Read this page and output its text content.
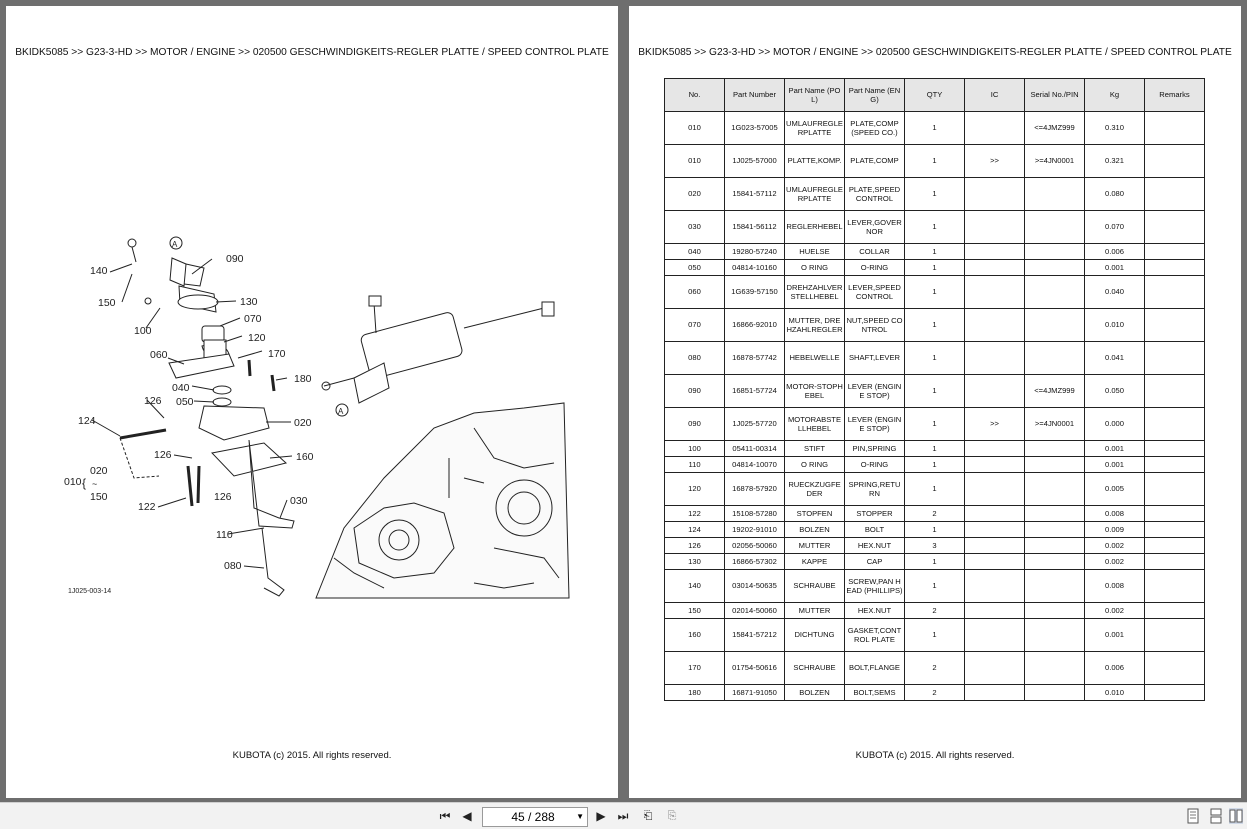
BKIDK5085 >> G23-3-HD >> MOTOR / ENGINE >> 020500 GESCHWINDIGKEITS-REGLER PLATTE / SPEED CONTROL PLATE
140
150
100
090
130
070
120
060	170
040
050
180
126
124	020
160
126
010
122
126	030
110
080
A
A
020
150
~
{
1J025-003-14
KUBOTA (c) 2015. All rights reserved.
BKIDK5085 >> G23-3-HD >> MOTOR / ENGINE >> 020500 GESCHWINDIGKEITS-REGLER PLATTE / SPEED CONTROL PLATE
No.	Part Number	Part Name (POL)	Part Name (ENG)	QTY	IC	Serial No./PIN	Kg	Remarks
010	1G023-57005	UMLAUFREGLERPLATTE	PLATE,COMP (SPEED CO.)	1		<=4JMZ999	0.310	
010	1J025-57000	PLATTE,KOMP.	PLATE,COMP	1	>>	>=4JN0001	0.321	
020	15841-57112	UMLAUFREGLERPLATTE	PLATE,SPEED CONTROL	1			0.080	
030	15841-56112	REGLERHEBEL	LEVER,GOVERNOR	1			0.070	
040	19280-57240	HUELSE	COLLAR	1			0.006	
050	04814-10160	O RING	O-RING	1			0.001	
060	1G639-57150	DREHZAHLVERSTELLHEBEL	LEVER,SPEED CONTROL	1			0.040	
070	16866-92010	MUTTER, DREHZAHLREGLER	NUT,SPEED CONTROL	1			0.010	
080	16878-57742	HEBELWELLE	SHAFT,LEVER	1			0.041	
090	16851-57724	MOTOR-STOPHEBEL	LEVER (ENGINE STOP)	1		<=4JMZ999	0.050	
090	1J025-57720	MOTORABSTELLHEBEL	LEVER (ENGINE STOP)	1	>>	>=4JN0001	0.000	
100	05411-00314	STIFT	PIN,SPRING	1			0.001	
110	04814-10070	O RING	O-RING	1			0.001	
120	16878-57920	RUECKZUGFEDER	SPRING,RETURN	1			0.005	
122	15108-57280	STOPFEN	STOPPER	2			0.008	
124	19202-91010	BOLZEN	BOLT	1			0.009	
126	02056-50060	MUTTER	HEX.NUT	3			0.002	
130	16866-57302	KAPPE	CAP	1			0.002	
140	03014-50635	SCHRAUBE	SCREW,PAN HEAD (PHILLIPS)	1			0.008	
150	02014-50060	MUTTER	HEX.NUT	2			0.002	
160	15841-57212	DICHTUNG	GASKET,CONTROL PLATE	1			0.001	
170	01754-50616	SCHRAUBE	BOLT,FLANGE	2			0.006	
180	16871-91050	BOLZEN	BOLT,SEMS	2			0.010	
KUBOTA (c) 2015. All rights reserved.
⏮ ◀	45 / 288	▼ ▶ ⏭	⎗	⎘
